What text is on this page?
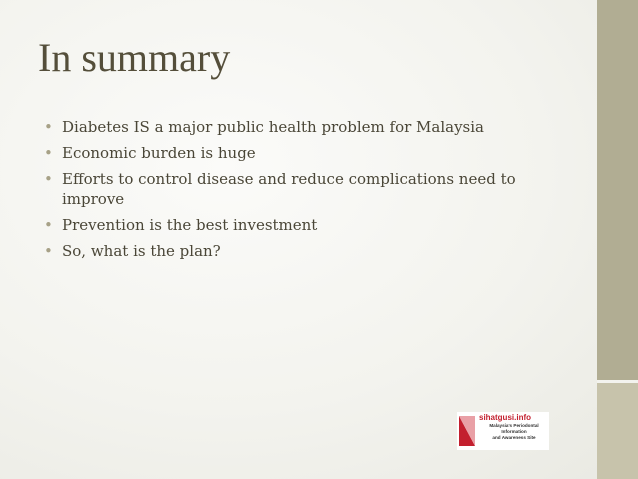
In summary
• Diabetes IS a major public health problem for Malaysia
• Economic burden is huge
• Efforts to control disease and reduce complications need to improve
• Prevention is the best investment
• So, what is the plan?
sihatgusi.info
Malaysia's Periodontal
Information
and Awareness Site
